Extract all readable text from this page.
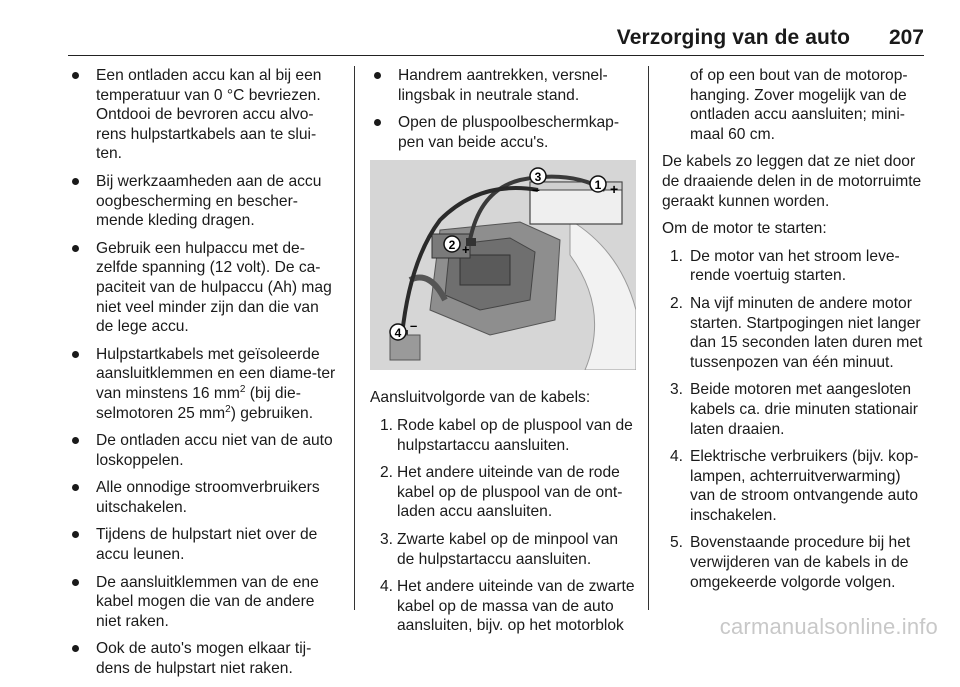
Verzorging van de auto 207
Een ontladen accu kan al bij een temperatuur van 0 °C bevriezen. Ontdooi de bevroren accu alvo-rens hulpstartkabels aan te slui-ten.
Bij werkzaamheden aan de accu oogbescherming en bescher-mende kleding dragen.
Gebruik een hulpaccu met de-zelfde spanning (12 volt). De ca-paciteit van de hulpaccu (Ah) mag niet veel minder zijn dan die van de lege accu.
Hulpstartkabels met geïsoleerde aansluitklemmen en een diame-ter van minstens 16 $mm^2$ (bij die-selmotoren 25 $mm^2$) gebruiken.
De ontladen accu niet van de auto loskoppelen.
Alle onnodige stroomverbruikers uitschakelen.
Tijdens de hulpstart niet over de accu leunen.
De aansluitklemmen van de ene kabel mogen die van de andere niet raken.
Ook de auto's mogen elkaar tij-dens de hulpstart niet raken.
Handrem aantrekken, versnel-lingsbak in neutrale stand.
Open de pluspoolbeschermkap-pen van beide accu's.
1 +
2 +
3
–
4 –

Aansluitvolgorde van de kabels:

1. Rode kabel op de pluspool van de hulpstartaccu aansluiten.
2. Het andere uiteinde van de rode kabel op de pluspool van de ont-laden accu aansluiten.
3. Zwarte kabel op de minpool van de hulpstartaccu aansluiten.
4. Het andere uiteinde van de zwarte kabel op de massa van de auto aansluiten, bijv. op het motorblok
of op een bout van de motorop-hanging. Zover mogelijk van de ontladen accu aansluiten; mini-maal 60 cm.

De kabels zo leggen dat ze niet door de draaiende delen in de motorruimte geraakt kunnen worden.

Om de motor te starten:

1. De motor van het stroom leve-rende voertuig starten.
2. Na vijf minuten de andere motor starten. Startpogingen niet langer dan 15 seconden laten duren met tussenpozen van één minuut.
3. Beide motoren met aangesloten kabels ca. drie minuten stationair laten draaien.
4. Elektrische verbruikers (bijv. kop-lampen, achterruitverwarming) van de stroom ontvangende auto inschakelen.
5. Bovenstaande procedure bij het verwijderen van de kabels in de omgekeerde volgorde volgen.
carmanualsonline.info
